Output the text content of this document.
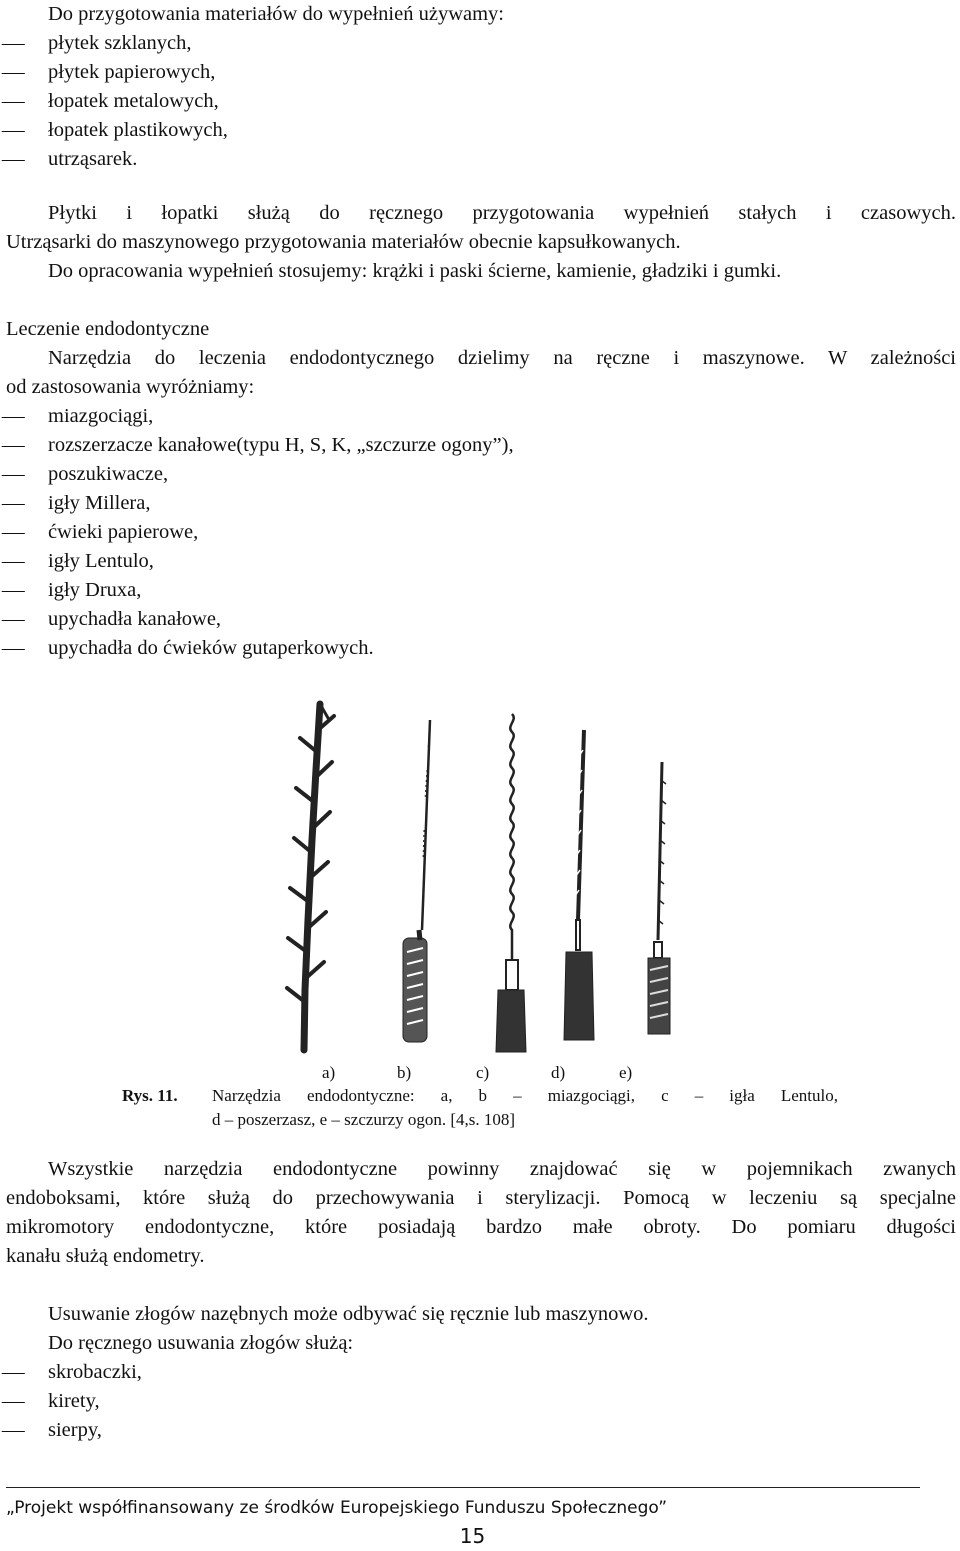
Do przygotowania materiałów do wypełnień używamy:

– płytek szklanych,
– płytek papierowych,
– łopatek metalowych,
– łopatek plastikowych,
– utrząsarek.

Płytki i łopatki służą do ręcznego przygotowania wypełnień stałych i czasowych.

Utrząsarki do maszynowego przygotowania materiałów obecnie kapsułkowanych.

Do opracowania wypełnień stosujemy: krążki i paski ścierne, kamienie, gładziki i gumki.

Leczenie endodontyczne

Narzędzia do leczenia endodontycznego dzielimy na ręczne i maszynowe. W zależności

od zastosowania wyróżniamy:

– miazgociągi,
– rozszerzacze kanałowe(typu H, S, K, „szczurze ogony”),
– poszukiwacze,
– igły Millera,
– ćwieki papierowe,
– igły Lentulo,
– igły Druxa,
– upychadła kanałowe,
– upychadła do ćwieków gutaperkowych.
a)	b)	c)	d)	e)
Rys. 11. Narzędzia endodontyczne: a, b – miazgociągi, c – igła Lentulo,
d – poszerzasz, e – szczurzy ogon. [4,s. 108]

Wszystkie narzędzia endodontyczne powinny znajdować się w pojemnikach zwanych

endoboksami, które służą do przechowywania i sterylizacji. Pomocą w leczeniu są specjalne

mikromotory endodontyczne, które posiadają bardzo małe obroty. Do pomiaru długości

kanału służą endometry.

Usuwanie złogów nazębnych może odbywać się ręcznie lub maszynowo.

Do ręcznego usuwania złogów służą:

– skrobaczki,
– kirety,
– sierpy,
„Projekt współfinansowany ze środków Europejskiego Funduszu Społecznego”
15
